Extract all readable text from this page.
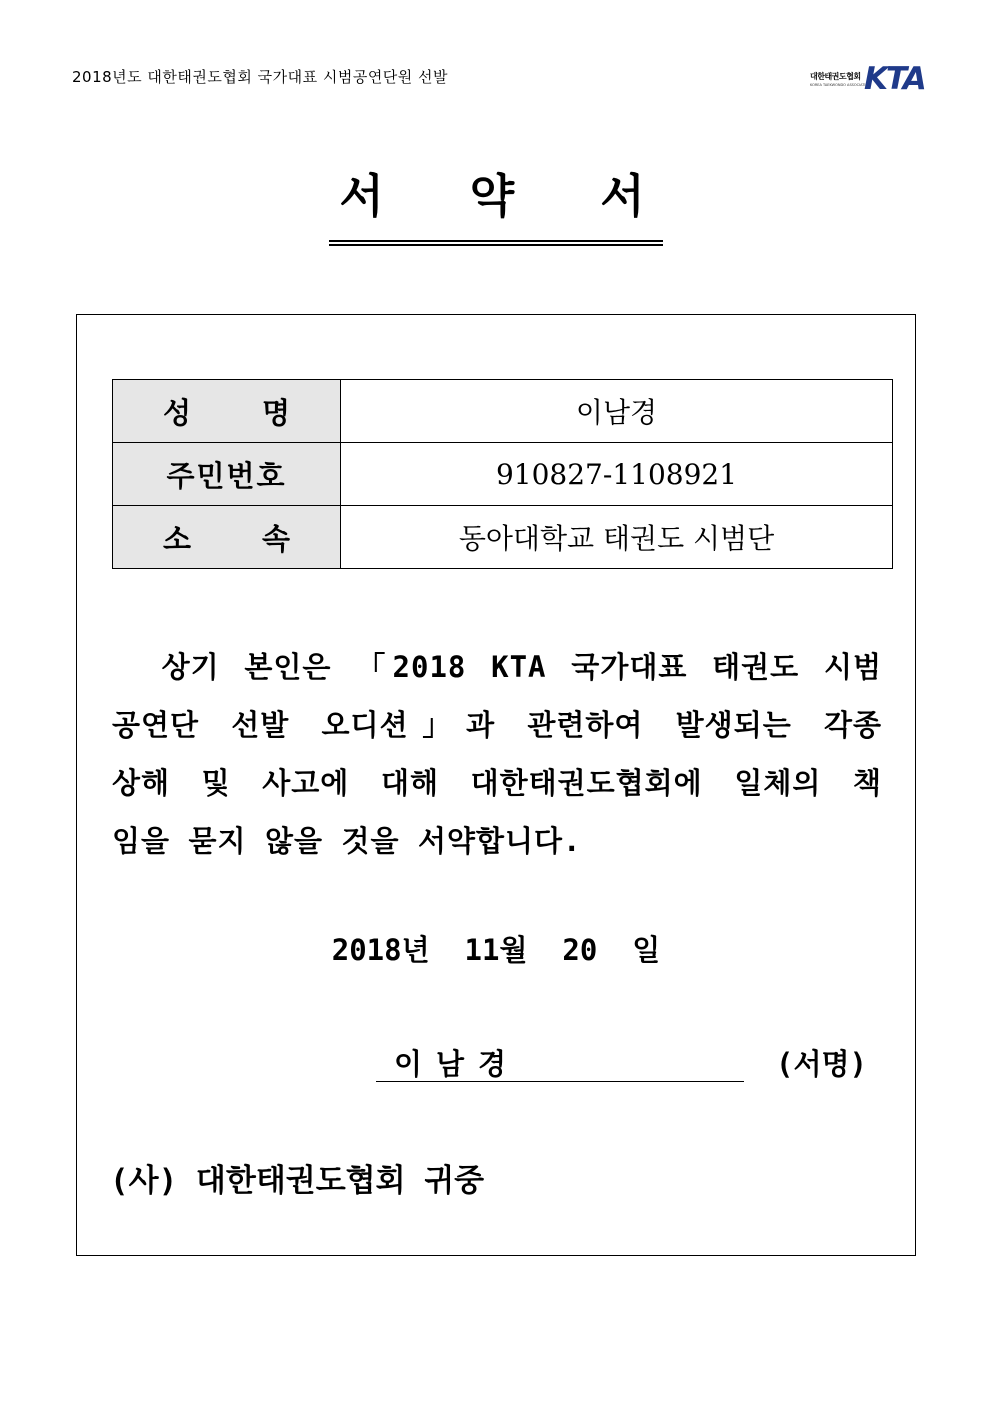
2018년도 대한태권도협회 국가대표 시범공연단원 선발	대한태권도협회
KOREA TAEKWONDO ASSOCIATION
KTA
서 약 서
성 명	이남경

주민번호	910827-1108921

소 속	동아대학교 태권도 시범단
상기 본인은 「2018 KTA 국가대표 태권도 시범
공연단 선발 오디션」과 관련하여 발생되는 각종
상해 및 사고에 대해 대한태권도협회에 일체의 책
임을 묻지 않을 것을 서약합니다.
2018년  11월  20  일
이남경	(서명)
(사) 대한태권도협회 귀중
